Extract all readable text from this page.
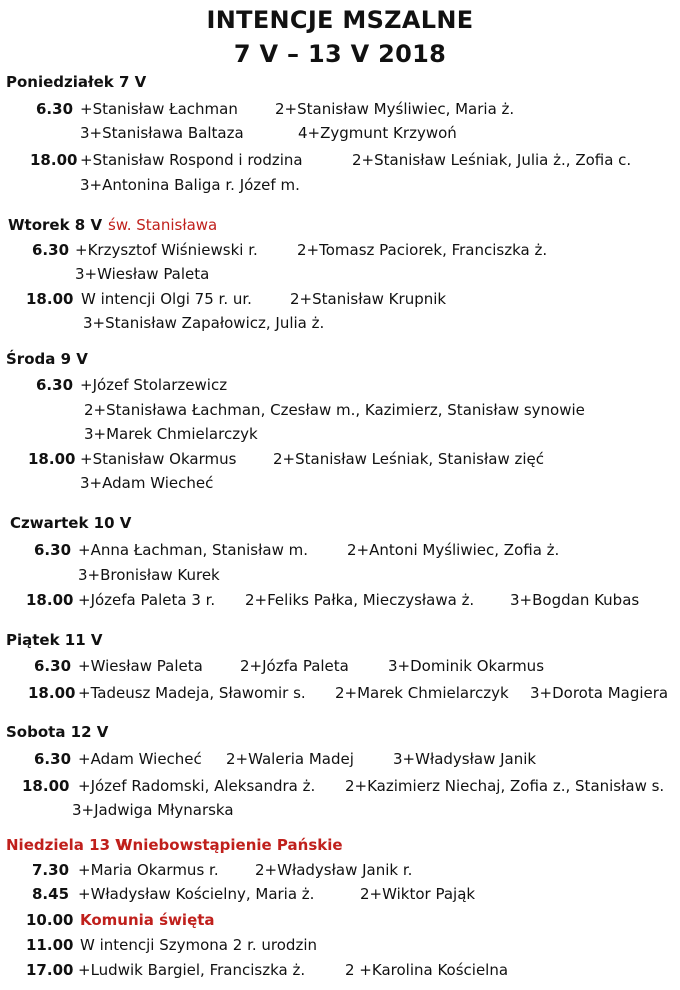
INTENCJE MSZALNE
7 V – 13 V 2018
Poniedziałek 7 V
6.30 +Stanisław Łachman 2+Stanisław Myśliwiec, Maria ż.
3+Stanisława Baltaza	4+Zygmunt Krzywoń
18.00 +Stanisław Rospond i rodzina	2+Stanisław Leśniak, Julia ż., Zofia c.
3+Antonina Baliga r. Józef m.
Wtorek 8 V św. Stanisława
6.30 +Krzysztof Wiśniewski r.	2+Tomasz Paciorek, Franciszka ż.
3+Wiesław Paleta
18.00 W intencji Olgi 75 r. ur.	2+Stanisław Krupnik
3+Stanisław Zapałowicz, Julia ż.
Środa 9 V
6.30 +Józef Stolarzewicz
2+Stanisława Łachman, Czesław m., Kazimierz, Stanisław synowie
3+Marek Chmielarczyk
18.00 +Stanisław Okarmus 2+Stanisław Leśniak, Stanisław zięć
3+Adam Wiecheć
Czwartek 10 V
6.30 +Anna Łachman, Stanisław m.	2+Antoni Myśliwiec, Zofia ż.
3+Bronisław Kurek
18.00 +Józefa Paleta 3 r. 2+Feliks Pałka, Mieczysława ż. 3+Bogdan Kubas
Piątek 11 V
6.30 +Wiesław Paleta 2+Józfa Paleta	3+Dominik Okarmus
18.00 +Tadeusz Madeja, Sławomir s. 2+Marek Chmielarczyk 3+Dorota Magiera
Sobota 12 V
6.30 +Adam Wiecheć 2+Waleria Madej	3+Władysław Janik
18.00 +Józef Radomski, Aleksandra ż. 2+Kazimierz Niechaj, Zofia z., Stanisław s.
3+Jadwiga Młynarska
Niedziela 13 V
Wniebowstąpienie Pańskie
7.30 +Maria Okarmus r. 2+Władysław Janik r.
8.45 +Władysław Kościelny, Maria ż.	2+Wiktor Pająk
10.00 Komunia święta
11.00 W intencji Szymona 2 r. urodzin
17.00 +Ludwik Bargiel, Franciszka ż.	2 +Karolina Kościelna
